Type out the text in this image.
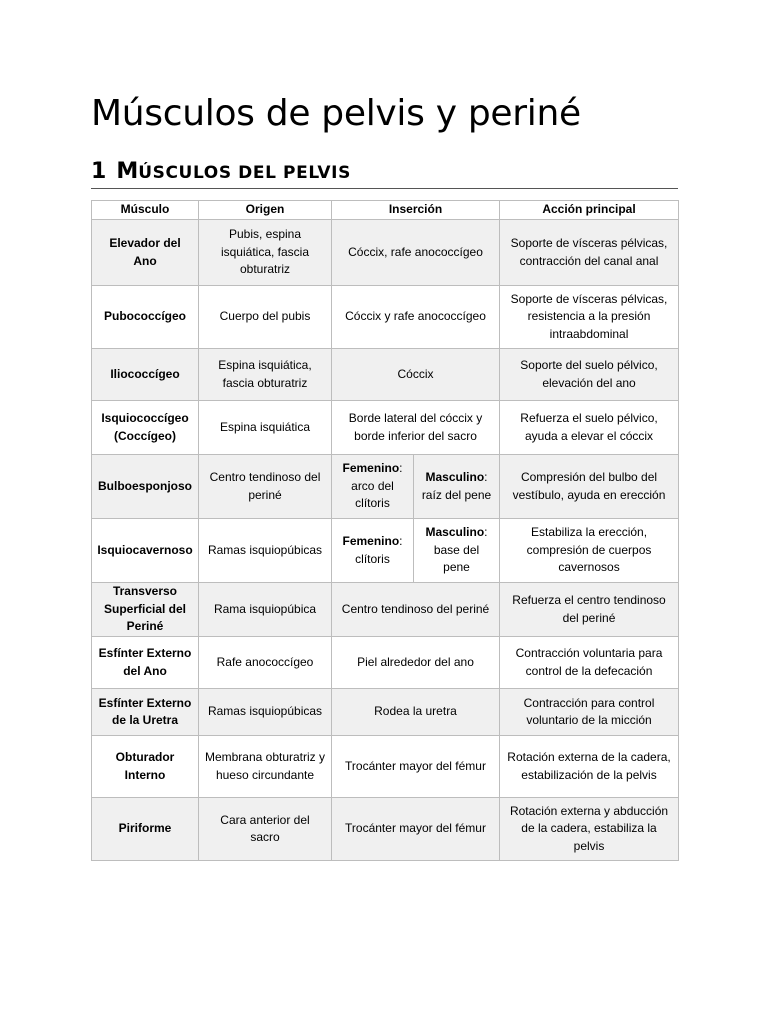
Músculos de pelvis y periné
1 MÚSCULOS DEL PELVIS
Músculo	Origen	Inserción		Acción principal
Elevador del Ano	Pubis, espina isquiática, fascia obturatriz	Cóccix, rafe anococcígeo		Soporte de vísceras pélvicas, contracción del canal anal
Pubococcígeo	Cuerpo del pubis	Cóccix y rafe anococcígeo		Soporte de vísceras pélvicas, resistencia a la presión intraabdominal
Iliococcígeo	Espina isquiática, fascia obturatriz	Cóccix		Soporte del suelo pélvico, elevación del ano
Isquiococcígeo (Coccígeo)	Espina isquiática	Borde lateral del cóccix y borde inferior del sacro		Refuerza el suelo pélvico, ayuda a elevar el cóccix
Bulboesponjoso	Centro tendinoso del periné	Femenino: arco del clítoris	Masculino: raíz del pene	Compresión del bulbo del vestíbulo, ayuda en erección
Isquiocavernoso	Ramas isquiopúbicas	Femenino: clítoris	Masculino: base del pene	Estabiliza la erección, compresión de cuerpos cavernosos
Transverso Superficial del Periné	Rama isquiopúbica	Centro tendinoso del periné		Refuerza el centro tendinoso del periné
Esfínter Externo del Ano	Rafe anococcígeo	Piel alrededor del ano		Contracción voluntaria para control de la defecación
Esfínter Externo de la Uretra	Ramas isquiopúbicas	Rodea la uretra		Contracción para control voluntario de la micción
Obturador Interno	Membrana obturatriz y hueso circundante	Trocánter mayor del fémur		Rotación externa de la cadera, estabilización de la pelvis
Piriforme	Cara anterior del sacro	Trocánter mayor del fémur		Rotación externa y abducción de la cadera, estabiliza la pelvis
